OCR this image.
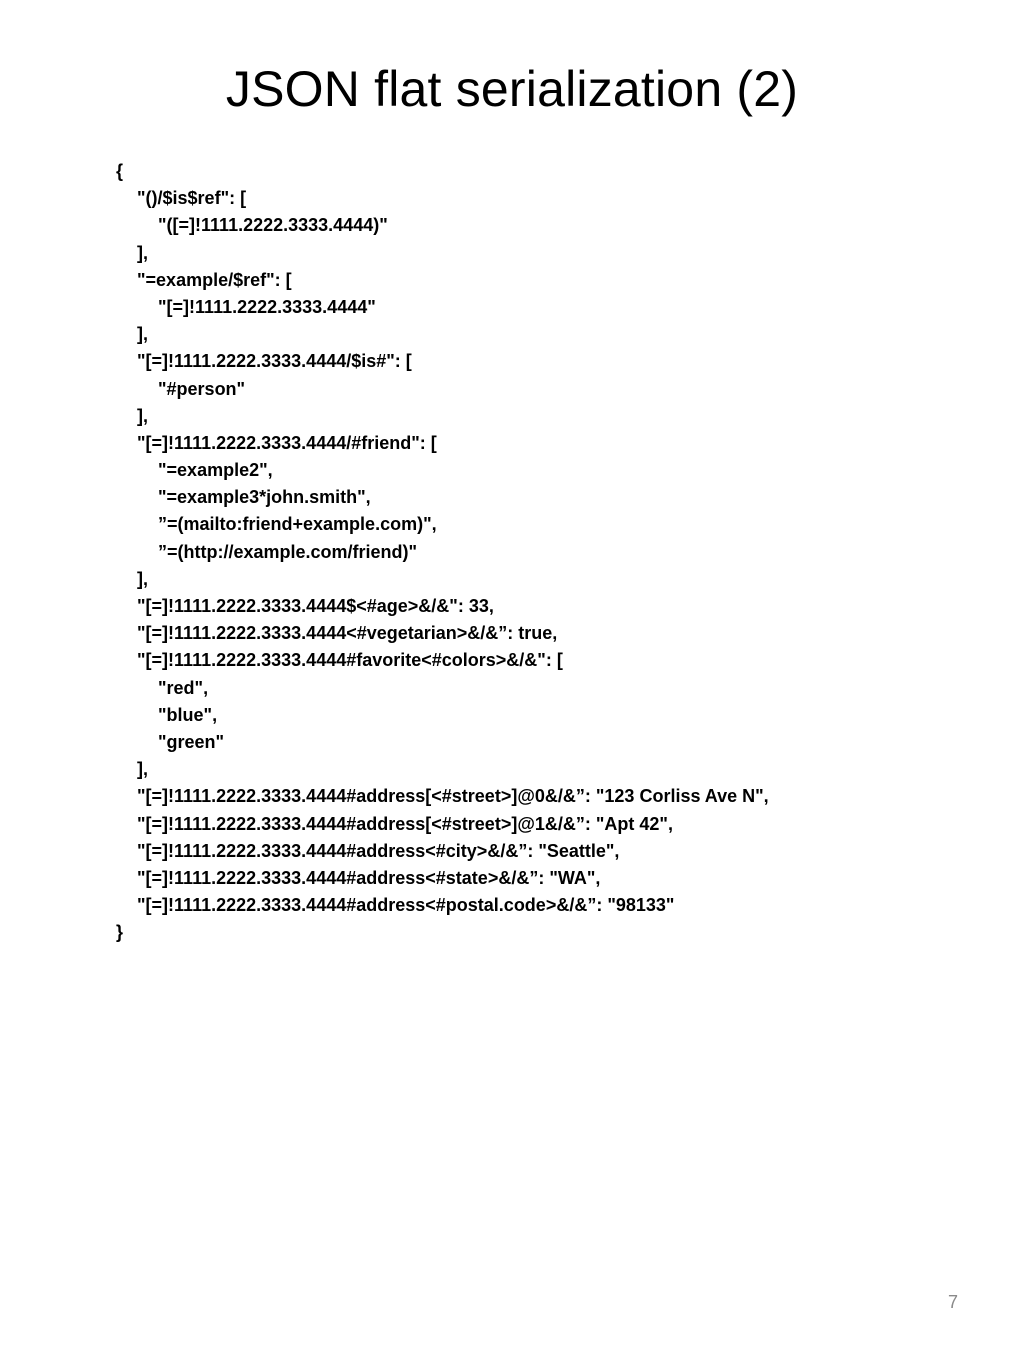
JSON flat serialization (2)
{
"()/$is$ref": [
"([=]!1111.2222.3333.4444)"
],
"=example/$ref": [
"[=]!1111.2222.3333.4444"
],
"[=]!1111.2222.3333.4444/$is#": [
"#person"
],
"[=]!1111.2222.3333.4444/#friend": [
"=example2",
"=example3*john.smith",
”=(mailto:friend+example.com)",
”=(http://example.com/friend)"
],
"[=]!1111.2222.3333.4444$<#age>&/&": 33,
"[=]!1111.2222.3333.4444<#vegetarian>&/&”: true,
"[=]!1111.2222.3333.4444#favorite<#colors>&/&": [
"red",
"blue",
"green"
],
"[=]!1111.2222.3333.4444#address[<#street>]@0&/&”: "123 Corliss Ave N",
"[=]!1111.2222.3333.4444#address[<#street>]@1&/&”: "Apt 42",
"[=]!1111.2222.3333.4444#address<#city>&/&”: "Seattle",
"[=]!1111.2222.3333.4444#address<#state>&/&”: "WA",
"[=]!1111.2222.3333.4444#address<#postal.code>&/&”: "98133"
}
7
